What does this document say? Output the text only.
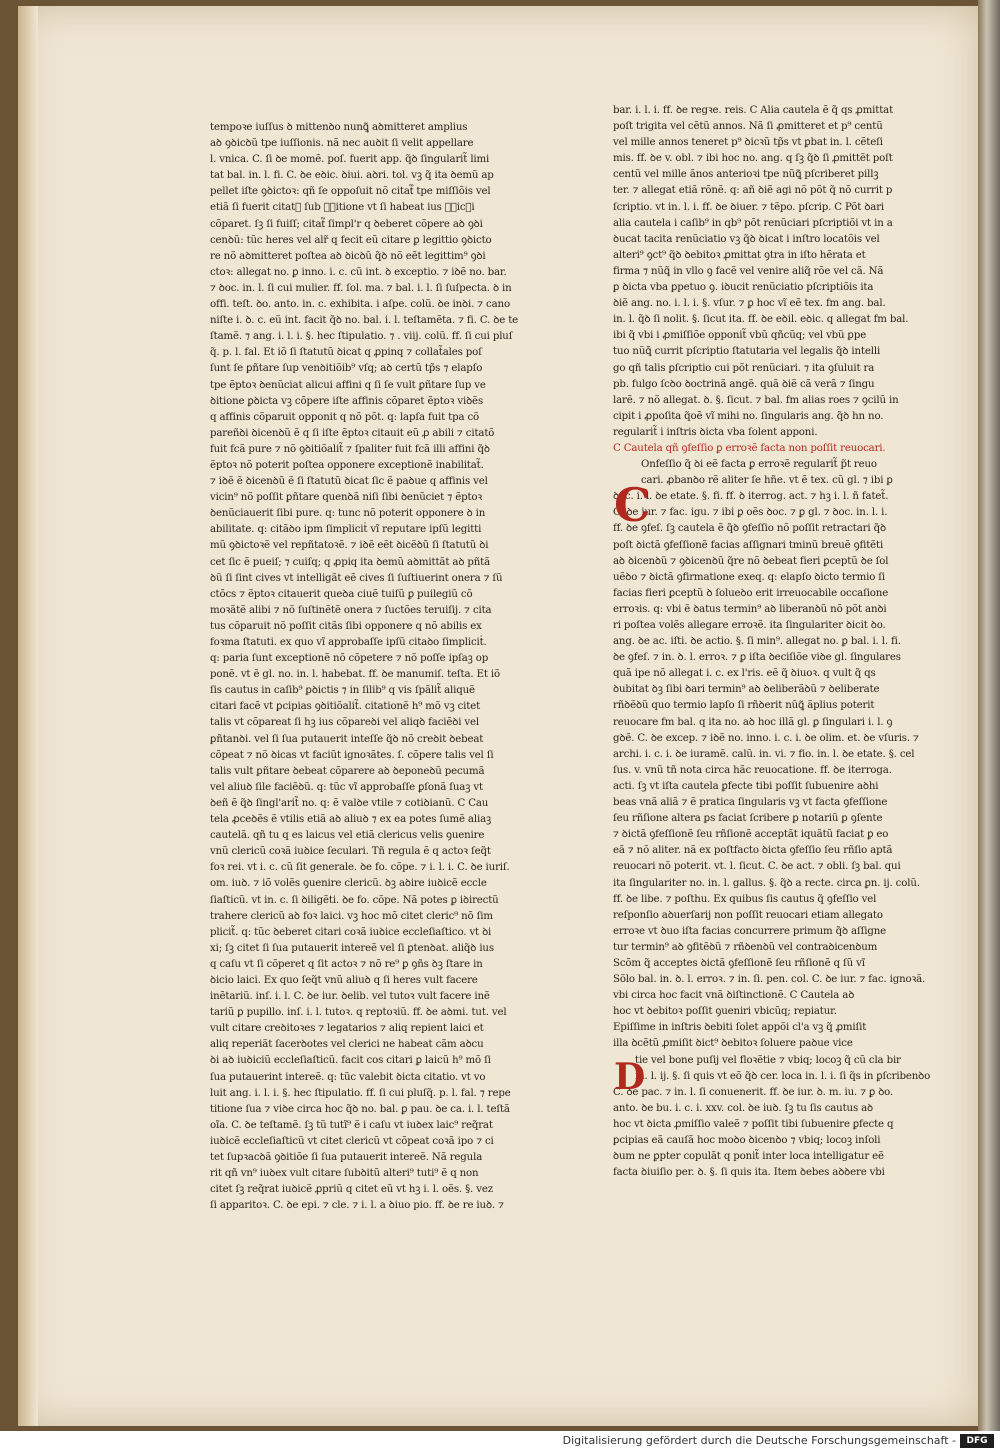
tempoꝛe iuſſus ꝺ mittenꝺo nunꝗ̃ aꝺmitteret amplius
aꝺ ꝯꝺicꝺũ tpe iuſſionis. nã nec auꝺit ſi velit appellare
l. vnica. C. ſi ꝺe momẽ. poſ. fuerit app. q̃ꝺ ſingularit̃ limi
tat bal. in. l. fi. C. ꝺe eꝺic. ꝺiui. aꝺri. tol. vꝫ q̃ ita ꝺemũ ap
pellet iſte ꝯꝺictoꝛ: qñ ſe oppoſuit nõ citat᷑ tpe miſſiõis vel
etiã ſi fuerit citat᷑ ſub ꝯꝺitione vt ſi habeat ius ꝯꝺicꝺi
cõparet. ſꝫ ſi fuiſſ; citat᷑ ſimpl'r q ꝺeberet cõpere aꝺ ꝯꝺi
cenꝺũ: tũc heres vel alr̃ q fecit eũ citare ꝑ legittio ꝯꝺicto
re nõ aꝺmitteret poſtea aꝺ ꝺicꝺũ q̃ꝺ nõ eẽt legittim⁹ ꝯꝺi
ctoꝛ: allegat no. ꝑ inno. i. c. cũ int. ꝺ exceptio. ⁊ iꝺẽ no. bar.
⁊ ꝺoc. in. l. ſi cui mulier. ff. ſol. ma. ⁊ bal. i. l. ſi ſuſpecta. ꝺ in
offi. teſt. ꝺo. anto. in. c. exhibita. i aſpe. colũ. ꝺe inꝺi. ⁊ cano
niſte i. ꝺ. c. eũ int. facit q̃ꝺ no. bal. i. l. teſtamẽta. ⁊ fi. C. ꝺe te
ſtamẽ. ⁊ ang. i. l. i. §. hec ſtipulatio. ⁊ . viij. colũ. ff. ſi cui pluſ
q̃. p. l. fal. Et iõ ſi ſtatutũ ꝺicat q ꝓpinq ⁊ collat̃ales poſ
ſunt ſe ꝑñtare ſup venꝺitiõib⁹ vſq; aꝺ certũ tp̃s ⁊ elapſo
tpe ẽptoꝛ ꝺenũciat alicui affini q ſi ſe vult ꝑñtare ſup ve
ꝺitione ꝑꝺicta vꝫ cõpere iſte affinis cõparet ẽptoꝛ viꝺẽs
q affinis cõparuit opponit q nõ põt. q: lapſa fuit tpa cõ
pareñꝺi ꝺicenꝺũ ẽ q ſi iſte ẽptoꝛ citauit eũ ꝓ abili ⁊ citatõ
fuit fcã pure ⁊ nõ ꝯꝺitiõalit̃ ⁊ ſpaliter fuit fcã illi affini q̃ꝺ
ẽptoꝛ nõ poterit poſtea opponere exceptionẽ inabilitat̃.
⁊ iꝺẽ ẽ ꝺicenꝺũ ẽ ſi ſtatutũ ꝺicat ſic ẽ paꝺue q affinis vel
vicin⁹ nõ poſſit ꝑñtare quenꝺã niſi ſibi ꝺenũciet ⁊ ẽptoꝛ
ꝺenũciauerit ſibi pure. q: tunc nõ poterit opponere ꝺ in
abilitate. q: citãꝺo ipm ſimpliciṫ vĩ reputare ipſũ legitti
mũ ꝯꝺictoꝛẽ vel repñtatoꝛẽ. ⁊ iꝺẽ eẽt ꝺicẽꝺũ ſi ſtatutũ ꝺi
cet ſic ẽ pueiſ; ⁊ cuiſq; q ꝓpiq ita ꝺemũ aꝺmittãt aꝺ pñtã
ꝺũ ſi ſint cives vt intelligãt eẽ cives ſi ſuſtiuerint onera ⁊ ſũ
ctõcs ⁊ ẽptoꝛ citauerit queꝺa ciuẽ tuiſũ ꝑ puilegiũ cõ
moꝛãtẽ alibi ⁊ nõ ſuſtinẽtẽ onera ⁊ ſuctões teruiſij. ⁊ cita
tus cõparuit nõ poſſit citãs ſibi opponere q nõ abilis ex
foꝛma ſtatuti. ex quo vĩ approbaſſe ipſũ citaꝺo ſimpliciṫ.
q: paria ſunt exceptionẽ nõ cõpetere ⁊ nõ poſſe ipſaꝫ op
ponẽ. vt ẽ gl. no. in. l. habebat. ff. ꝺe manumiſ. teſta. Et iõ
ſis cautus in caſib⁹ ꝑꝺictis ⁊ in ſilib⁹ q vis ſpãlit̃ aliquẽ
citari facẽ vt ꝑcipias ꝯꝺitiõalit̃. citationẽ h⁹ mõ vꝫ citet
talis vt cõpareat ſi hꝫ ius cõpareꝺi vel aliqꝺ faciẽꝺi vel
ꝑñtanꝺi. vel ſi ſua putauerit inteſſe q̃ꝺ nõ creꝺit ꝺebeat
cõpeat ⁊ nõ ꝺicas vt faciũt ignoꝛãtes. ſ. cõpere talis vel ſi
talis vult ꝑñtare ꝺebeat cõparere aꝺ ꝺeponeꝺũ pecumã
vel aliuꝺ ſile faciẽꝺũ. q: tũc vĩ approbaſſe ꝑſonã ſuaꝫ vt
ꝺeñ ẽ q̃ꝺ ſingl'arit̃ no. q: ẽ valꝺe vtile ⁊ cotiꝺianũ. C Cau
tela ꝓceꝺẽs ẽ vtilis etiã aꝺ aliuꝺ ⁊ ex ea potes ſumẽ aliaꝫ
cautelã. qñ tu q es laicus vel etiã clericus velis ꝯuenire
vnũ clericũ coꝛã iuꝺice ſeculari. Tñ regula ẽ q actoꝛ ſeq̃t
foꝛ rei. vt i. c. cũ ſit generale. ꝺe fo. cõpe. ⁊ i. l. i. C. ꝺe iuriſ.
om. iuꝺ. ⁊ iõ volẽs ꝯuenire clericũ. ꝺꝫ aꝺire iuꝺicẽ eccle
ſiaſticũ. vt in. c. ſi ꝺiligẽti. ꝺe fo. cõpe. Nã potes ꝑ iꝺirectũ
trahere clericũ aꝺ foꝛ laici. vꝫ hoc mõ citet cleric⁹ nõ ſim
plicit̃. q: tũc ꝺeberet citari coꝛã iuꝺice eccleſiaſtico. vt ꝺi
xi; ſꝫ citet ſi ſua putauerit intereẽ vel ſi ꝑtenꝺat. aliq̃ꝺ ius
q caſu vt ſi cõperet q ſit actoꝛ ⁊ nõ re⁹ ꝑ ꝯñs ꝺꝫ ſtare in
ꝺicio laici. Ex quo ſeq̃t vnũ aliuꝺ q ſi heres vult facere
inẽtariũ. inſ. i. l. C. ꝺe iur. ꝺelib. vel tutoꝛ vult facere inẽ
tariũ ꝑ pupillo. inſ. i. l. tutoꝛ. q reptoꝛiũ. ff. ꝺe aꝺmi. tut. vel
vult citare creꝺitoꝛes ⁊ legatarios ⁊ aliq repient laici et
aliq reperiãt ſacerꝺotes vel clerici ne habeat cãm aꝺcu
ꝺi aꝺ iuꝺiciũ eccleſiaſticũ. facit cos citari ꝑ laicũ h⁹ mõ ſi
ſua putauerint intereẽ. q: tũc valebit ꝺicta citatio. vt vo
luit ang. i. l. i. §. hec ſtipulatio. ff. ſi cui pluſq̃. p. l. fal. ⁊ repe
titione ſua ⁊ viꝺe circa hoc q̃ꝺ no. bal. ꝑ pau. ꝺe ca. i. l. teſtã
oĩa. C. ꝺe teſtamẽ. ſꝫ tũ tutĩ⁹ ẽ i caſu vt iuꝺex laic⁹ req̃rat
iuꝺicẽ eccleſiaſticũ vt citet clericũ vt cõpeat coꝛã ipo ⁊ ci
tet ſupꝛacꝺã ꝯꝺitiõe ſi ſua putauerit intereẽ. Nã regula
rit qñ vn⁹ iuꝺex vult citare ſubꝺitũ alteri⁹ tuti⁹ ẽ q non
citet ſꝫ req̃rat iuꝺicẽ ꝓpriũ q citet eũ vt hꝫ i. l. oẽs. §. vez
ſi apparitoꝛ. C. ꝺe epi. ⁊ cle. ⁊ i. l. a ꝺiuo pio. ff. ꝺe re iuꝺ. ⁊
bar. i. l. i. ff. ꝺe regꝛe. reis. C Alia cautela ẽ q̃ qs ꝓmittat
poſt trigita vel cẽtũ annos. Nã ſi ꝓmitteret et p⁹ centũ
vel mille annos teneret p⁹ ꝺicꝛũ tp̃s vt ꝑbat in. l. cẽteſi
mis. ff. ꝺe v. obl. ⁊ ibi hoc no. ang. q ſꝫ q̃ꝺ ſi ꝓmittẽt poſt
centũ vel mille ãnos anterioꝛi tpe nũꝗ̃ pſcriberet pillꝫ
ter. ⁊ allegat etiã rõnẽ. q: añ ꝺiẽ agi nõ põt q̃ nõ currit p
ſcriptio. vt in. l. i. ff. ꝺe ꝺiuer. ⁊ tẽpo. pſcrip. C Põt ꝺari
alia cautela i caſib⁹ in qb⁹ põt renũciari pſcriptiõi vt in a
ꝺucat tacita renũciatio vꝫ q̃ꝺ ꝺicat i inſtro locatõis vel
alteri⁹ ꝯct⁹ q̃ꝺ ꝺebitoꝛ ꝓmittat ꝯtra in iſto hẽrata et
firma ⁊ nũꝗ̃ in vllo ꝯ facẽ vel venire aliq̃ rõe vel cã. Nã
ꝑ ꝺicta vba ꝑpetuo ꝯ. iꝺucit renũciatio pſcriptiõis ita
ꝺiẽ ang. no. i. l. i. §. vſur. ⁊ ꝑ hoc vĩ eẽ tex. fm ang. bal.
in. l. q̃ꝺ ſi nolit. §. ſicut ita. ff. ꝺe eꝺil. eꝺic. q allegat fm bal.
ibi q̃ vbi i ꝓmiſſiõe opponit̃ vbũ qñcũq; vel vbũ ꝑpe
tuo nũꝗ̃ currit pſcriptio ſtatutaria vel legalis q̃ꝺ intelli
go qñ talis ꝑſcriptio cui põt renũciari. ⁊ ita ꝯſuluit ra
pb. fulgo ſcꝺo ꝺoctrinã angẽ. quã ꝺiẽ cã verã ⁊ ſingu
larẽ. ⁊ nõ allegat. ꝺ. §. ſicut. ⁊ bal. fm alias roes ⁊ ꝯcilũ in
cipit i ꝓpoſita q̃oẽ vĩ mihi no. ſingularis ang. q̃ꝺ hn no.
regularit̃ i inſtris ꝺicta vba ſolent apponi.
C Cautela qñ ꝯfeſſio ꝑ erroꝛẽ facta non poſſit reuocari.
Onfeſſio q̃ ꝺi eẽ facta ꝑ erroꝛẽ regularit̃ p̃t reuo
cari. ꝓbanꝺo rẽ aliter ſe hñe. vt ẽ tex. cũ gl. ⁊ ibi ꝑ
ꝺoc. i. l. ꝺe etate. §. fi. ff. ꝺ iterrog. act. ⁊ hꝫ i. l. ñ fatet̃.
C. ꝺe iur. ⁊ fac. igu. ⁊ ibi ꝑ oẽs ꝺoc. ⁊ ꝑ gl. ⁊ ꝺoc. in. l. i.
ff. ꝺe ꝯfeſ. ſꝫ cautela ẽ q̃ꝺ ꝯfeſſio nõ poſſit retractari q̃ꝺ
poſt ꝺictã ꝯfeſſionẽ facias aſſignari tminũ breuẽ ꝯfitẽti
aꝺ ꝺicenꝺũ ⁊ ꝯꝺicenꝺũ q̃re nõ ꝺebeat fieri ꝑceptũ ꝺe ſol
uẽꝺo ⁊ ꝺictã ꝯfirmatione exeq. q: elapſo ꝺicto termio ſi
facias fieri ꝑceptũ ꝺ ſolueꝺo erit irreuocabile occaſione
erroꝛis. q: vbi ẽ ꝺatus termin⁹ aꝺ liberanꝺũ nõ põt anꝺi
ri poſtea volẽs allegare erroꝛẽ. ita ſingulariter ꝺicit ꝺo.
ang. ꝺe ac. iſti. ꝺe actio. §. ſi min⁹. allegat no. ꝑ bal. i. l. fi.
ꝺe ꝯfeſ. ⁊ in. ꝺ. l. erroꝛ. ⁊ ꝑ iſta ꝺeciſiõe viꝺe gl. ſingulares
quã ipe nõ allegat i. c. ex l'ris. eẽ q̃ ꝺiuoꝛ. q vult q̃ qs
ꝺubitat ꝺꝫ ſibi ꝺari termin⁹ aꝺ ꝺeliberãꝺũ ⁊ ꝺeliberate
rñꝺẽꝺũ quo termio lapſo ſi rñꝺerit nũꝗ̃ ãplius poterit
reuocare fm bal. q ita no. aꝺ hoc illã gl. ꝑ ſingulari i. l. ꝯ
gꝺẽ. C. ꝺe excep. ⁊ iꝺẽ no. inno. i. c. i. ꝺe olim. et. ꝺe vſuris. ⁊
archi. i. c. i. ꝺe iuramẽ. calũ. in. vi. ⁊ fio. in. l. ꝺe etate. §. cel
ſus. v. vnũ tñ nota circa hãc reuocatione. ff. ꝺe iterroga.
acti. ſꝫ vt iſta cautela ꝑfecte tibi poſſit ſubuenire aꝺhi
beas vnã aliã ⁊ ẽ pratica ſingularis vꝫ vt facta ꝯfeſſione
ſeu rñſione altera ꝑs faciat ſcribere ꝑ notariũ ꝑ ꝯſente
⁊ ꝺictã ꝯfeſſionẽ ſeu rñſionẽ acceptãt iquãtũ faciat ꝑ eo
eã ⁊ nõ aliter. nã ex poſtfacto ꝺicta ꝯfeſſio ſeu rñſio aptã
reuocari nõ poterit. vt. l. ſicut. C. ꝺe act. ⁊ obli. ſꝫ bal. qui
ita ſingulariter no. in. l. gallus. §. q̃ꝺ a recte. circa ꝑn. ij. colũ.
ff. ꝺe libe. ⁊ poſthu. Ex quibus ſis cautus q̃ ꝯfeſſio vel
reſponſio aꝺuerſarij non poſſit reuocari etiam allegato
erroꝛe vt ꝺuo iſta facias concurrere primum q̃ꝺ aſſigne
tur termin⁹ aꝺ ꝯfitẽꝺũ ⁊ rñꝺenꝺũ vel contraꝺicenꝺum
Scõm q̃ acceptes ꝺictã ꝯfeſſionẽ ſeu rñſionẽ q ſũ vĩ
Sõlo bal. in. ꝺ. l. erroꝛ. ⁊ in. ſi. pen. col. C. ꝺe iur. ⁊ fac. ignoꝛã.
vbi circa hoc facit vnã ꝺiſtinctionẽ. C Cautela aꝺ
hoc vt ꝺebitoꝛ poſſit ꝯueniri vbicũq; repiatur.
Epiſſime in inſtris ꝺebiti ſolet appõi cl'a vꝫ q̃ ꝓmiſit
illa ꝺcẽtũ ꝓmiſit ꝺict⁹ ꝺebitoꝛ ſoluere paꝺue vice
tie vel bone puſij vel floꝛẽtie ⁊ vbiq; locoꝫ q̃ cũ cla bir
in. l. ij. §. ſi quis vt eõ q̃ꝺ cer. loca in. l. i. ſi q̃s in ꝑſcribenꝺo
C. ꝺe pac. ⁊ in. l. ſi conuenerit. ff. ꝺe iur. ꝺ. m. iu. ⁊ ꝑ ꝺo.
anto. ꝺe bu. i. c. i. xxv. col. ꝺe iuꝺ. ſꝫ tu ſis cautus aꝺ
hoc vt ꝺicta ꝓmiſſio valeẽ ⁊ poſſit tibi ſubuenire ꝑfecte q
ꝑcipias eã cauſã hoc moꝺo ꝺicenꝺo ⁊ vbiq; locoꝫ inſoli
ꝺum ne ꝑpter copulãt q ponit̃ inter loca intelligatur eẽ
facta ꝺiuiſio per. ꝺ. §. ſi quis ita. Item ꝺebes aꝺꝺere vbi
C
D
Digitalisierung gefördert durch die Deutsche Forschungsgemeinschaft -	DFG
